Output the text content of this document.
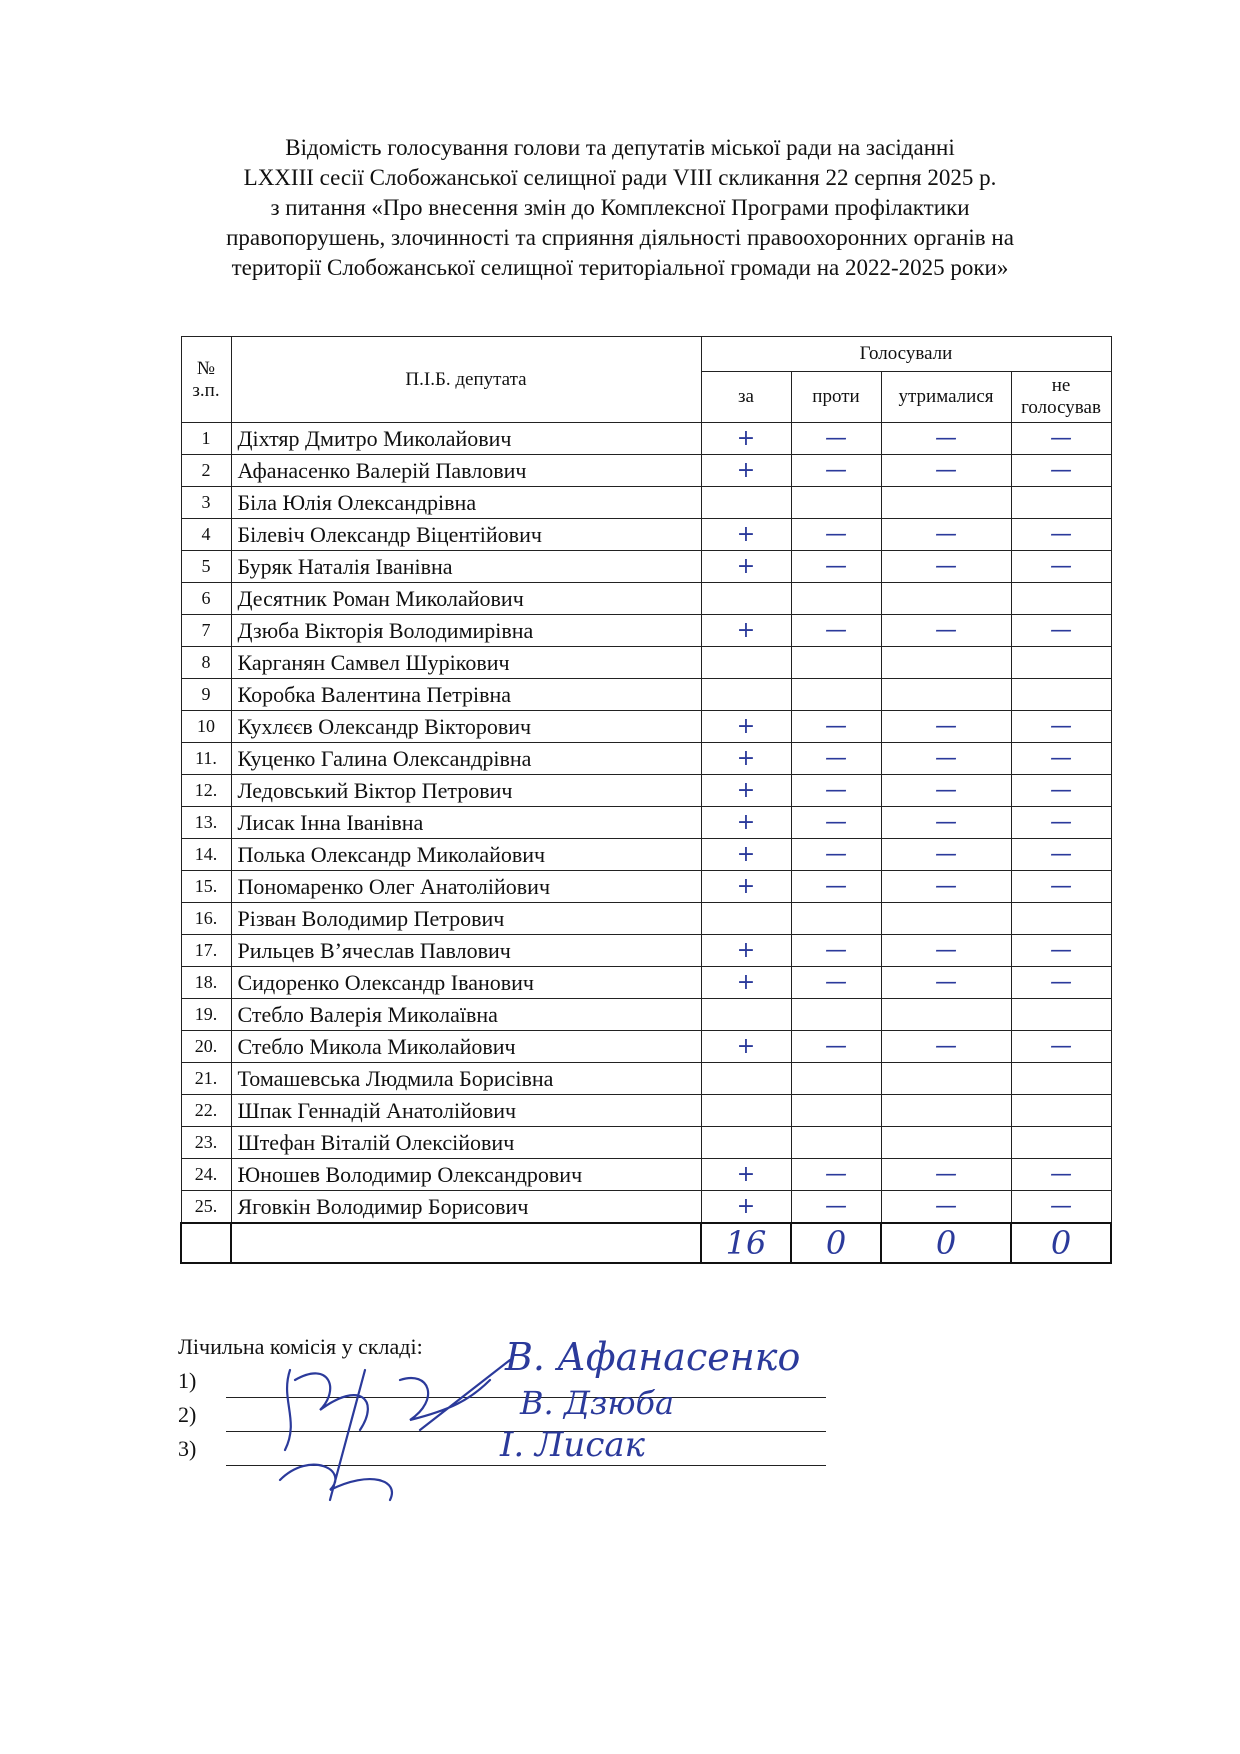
Відомість голосування голови та депутатів міської ради на засіданні
LXXIII сесії Слобожанської селищної ради VIII скликання 22 серпня 2025 р.
з питання «Про внесення змін до Комплексної Програми профілактики
правопорушень, злочинності та сприяння діяльності правоохоронних органів на
території Слобожанської селищної територіальної громади на 2022-2025 роки»
№ з.п.	П.І.Б. депутата	Голосували			
		за	проти	утрималися	не голосував
1	Діхтяр Дмитро Миколайович	+	—	—	—
2	Афанасенко Валерій Павлович	+	—	—	—
3	Біла Юлія Олександрівна	

4	Білевіч Олександр Віцентійович	+	—	—	—
5	Буряк Наталія Іванівна	+	—	—	—
6	Десятник Роман Миколайович	

7	Дзюба Вікторія Володимирівна	+	—	—	—
8	Карганян Самвел Шурікович	

9	Коробка Валентина Петрівна	

10	Кухлєєв Олександр Вікторович	+	—	—	—
11.	Куценко Галина Олександрівна	+	—	—	—
12.	Ледовський Віктор Петрович	+	—	—	—
13.	Лисак Інна Іванівна	+	—	—	—
14.	Полька Олександр Миколайович	+	—	—	—
15.	Пономаренко Олег Анатолійович	+	—	—	—
16.	Різван Володимир Петрович	

17.	Рильцев В’ячеслав Павлович	+	—	—	—
18.	Сидоренко Олександр Іванович	+	—	—	—
19.	Стебло Валерія Миколаївна	

20.	Стебло Микола Миколайович	+	—	—	—
21.	Томашевська Людмила Борисівна	

22.	Шпак Геннадій Анатолійович	

23.	Штефан Віталій Олексійович	

24.	Юношев Володимир Олександрович	+	—	—	—
25.	Яговкін Володимир Борисович	+	—	—	—
		16	0	0	0
Лічильна комісія у складі:
1)
2)
3)
В. Афанасенко
В. Дзюба
І. Лисак
